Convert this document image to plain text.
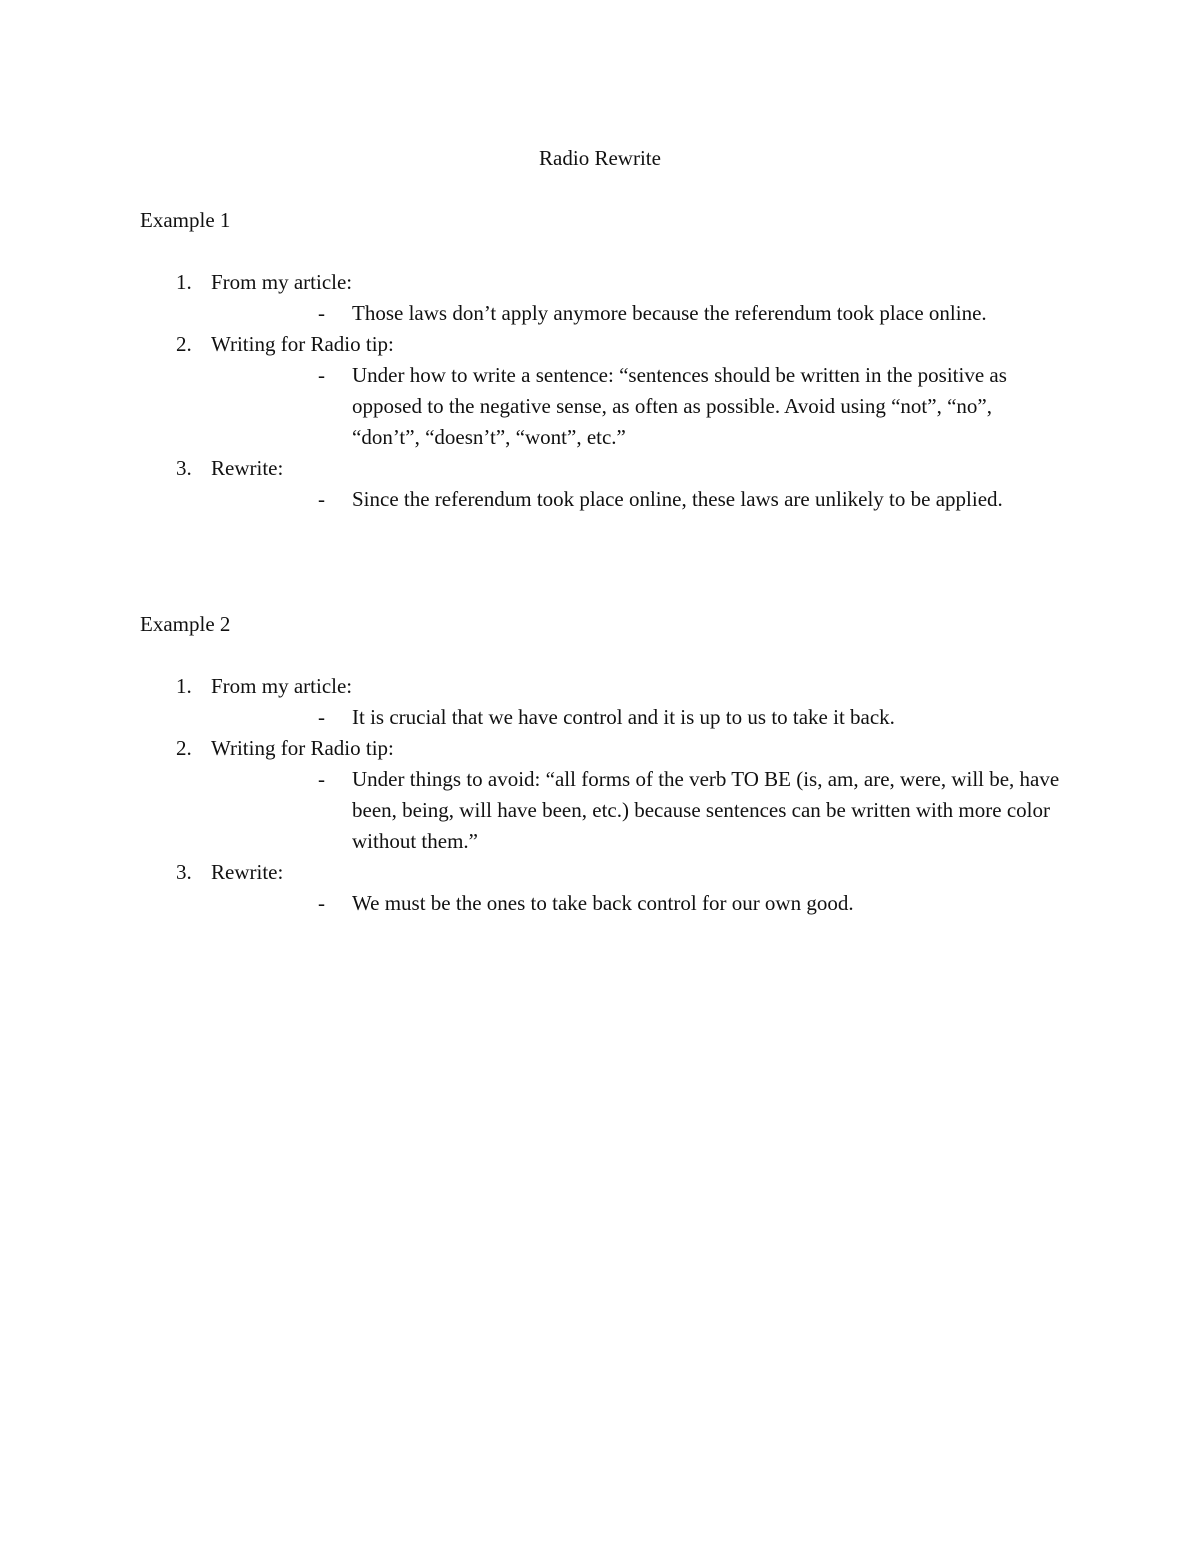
Radio Rewrite
Example 1
1. From my article:
- Those laws don’t apply anymore because the referendum took place online.
2. Writing for Radio tip:
- Under how to write a sentence: “sentences should be written in the positive as opposed to the negative sense, as often as possible. Avoid using “not”, “no”, “don’t”, “doesn’t”, “wont”, etc.”
3. Rewrite:
- Since the referendum took place online, these laws are unlikely to be applied.
Example 2
1. From my article:
- It is crucial that we have control and it is up to us to take it back.
2. Writing for Radio tip:
- Under things to avoid: “all forms of the verb TO BE (is, am, are, were, will be, have been, being, will have been, etc.) because sentences can be written with more color without them.”
3. Rewrite:
- We must be the ones to take back control for our own good.
